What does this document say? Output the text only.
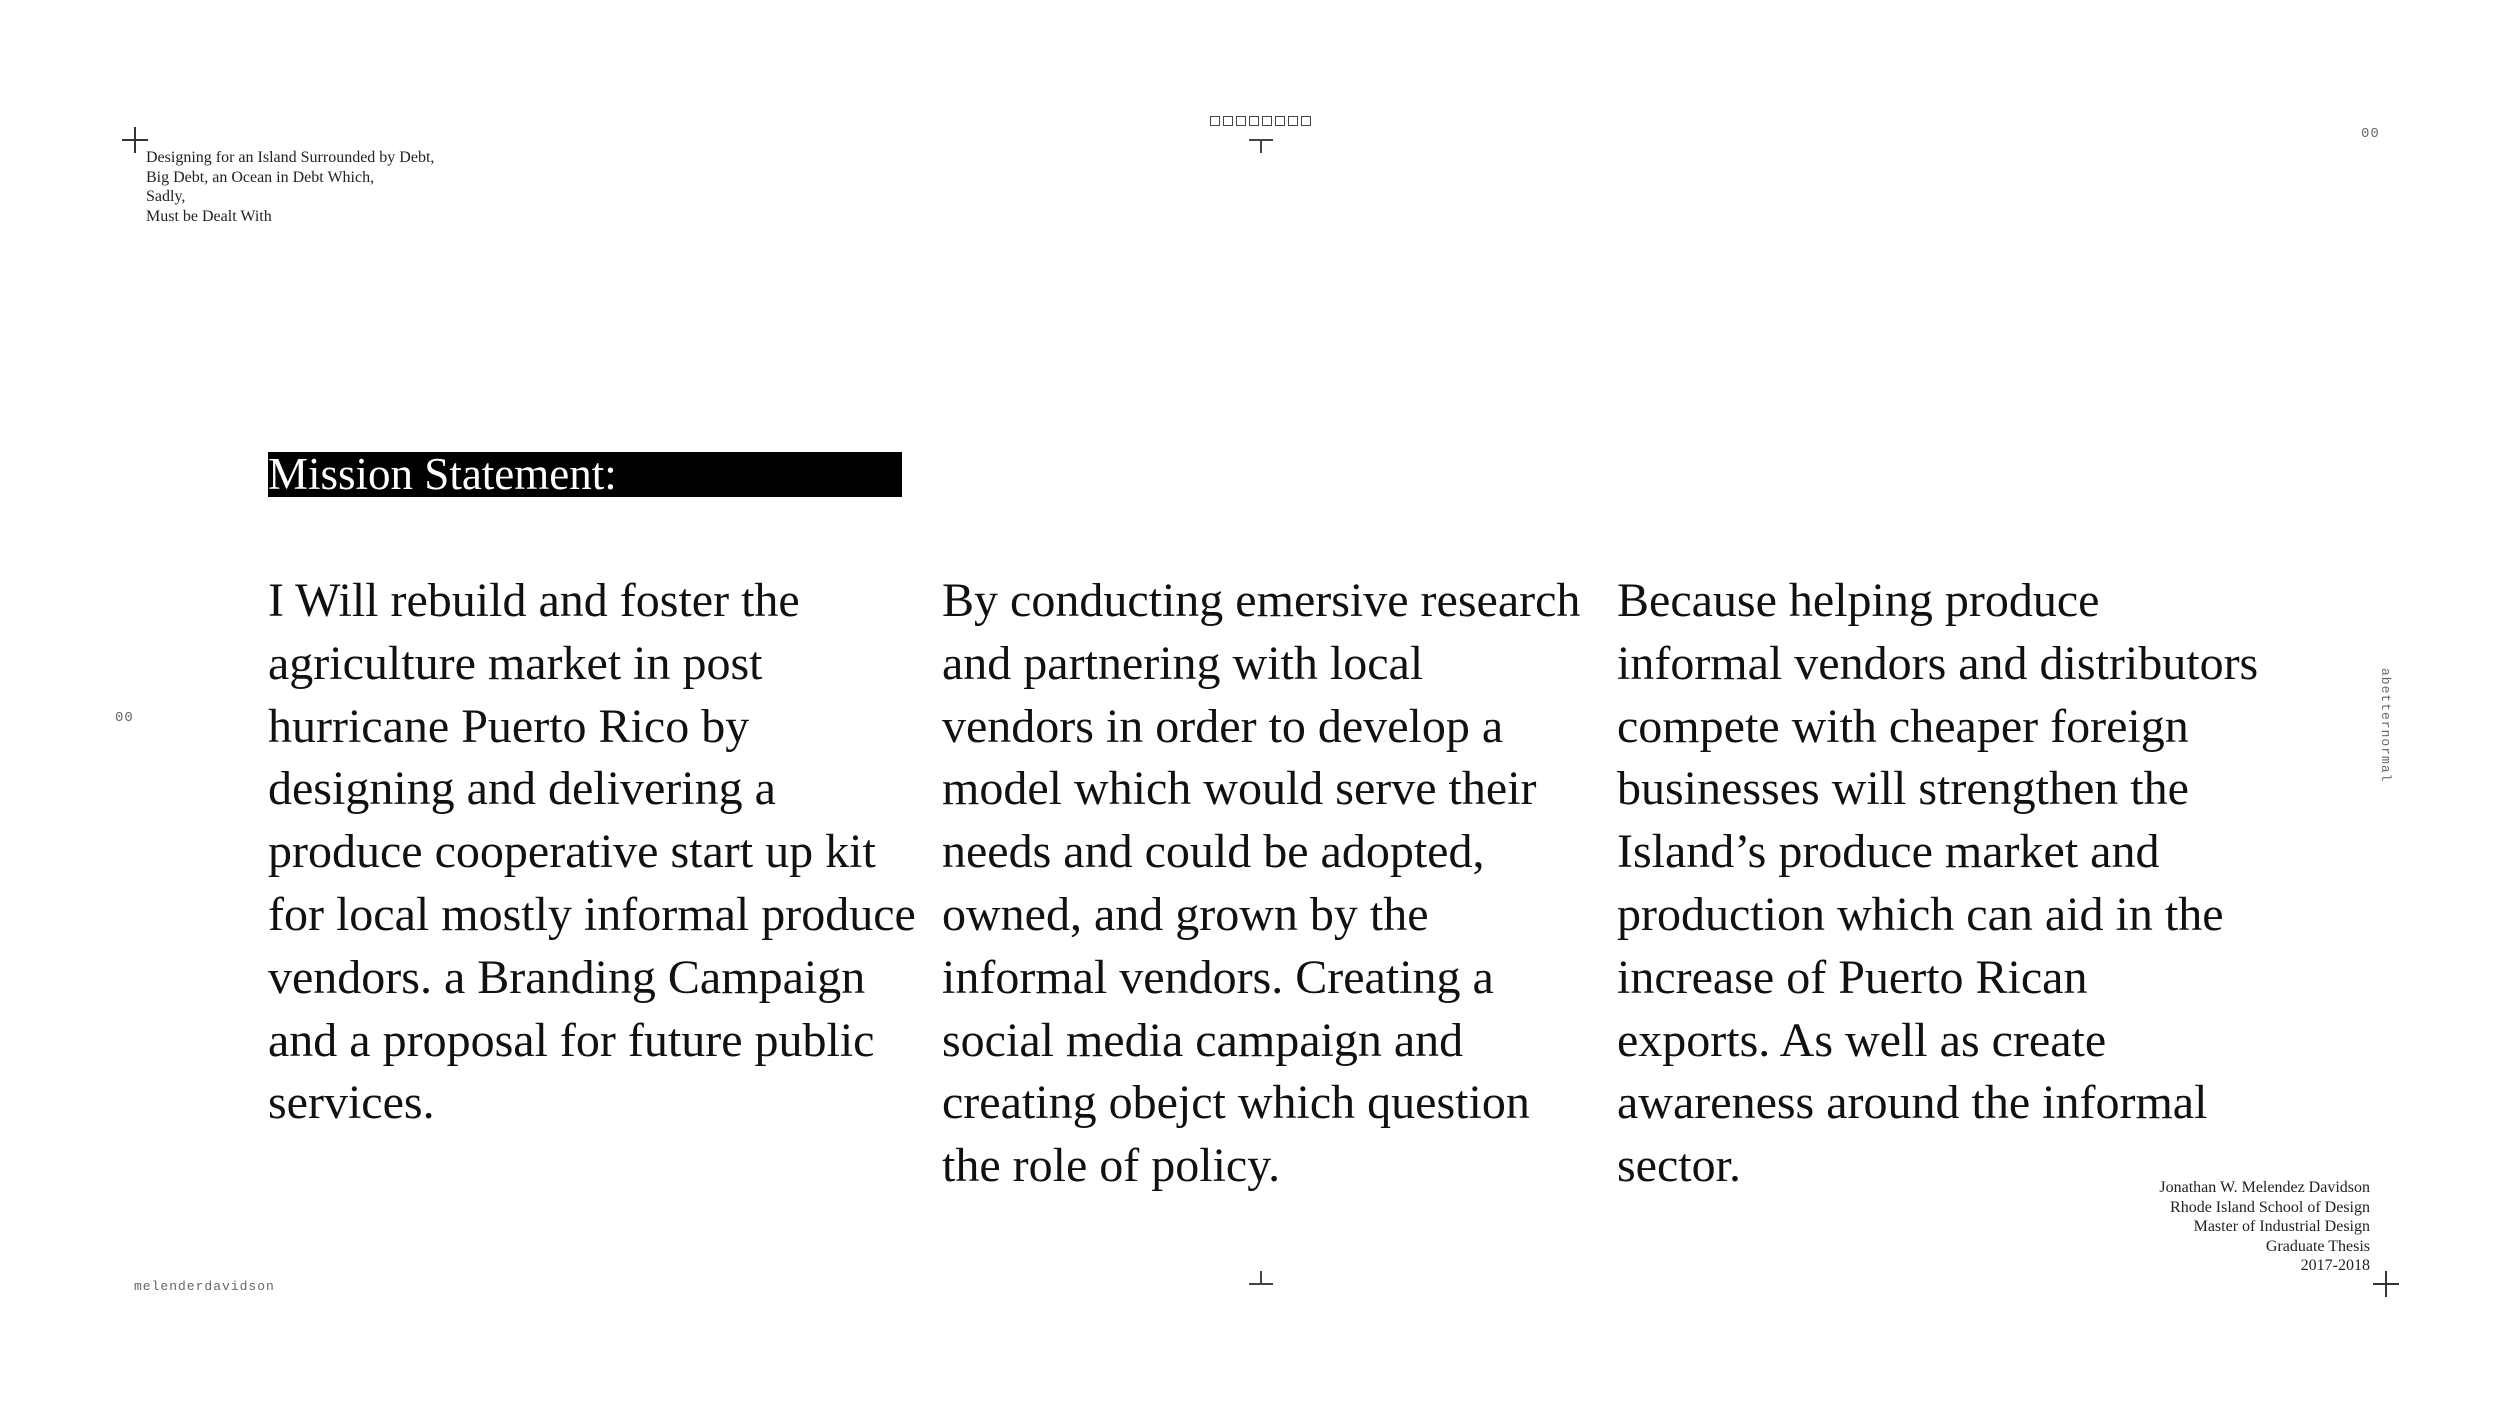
Designing for an Island Surrounded by Debt,
Big Debt, an Ocean in Debt Which,
Sadly,
Must be Dealt With
00
00
Mission Statement:
I Will rebuild and foster the
agriculture market in post
hurricane Puerto Rico by
designing and delivering a
produce cooperative start up kit
for local mostly informal produce
vendors. a Branding Campaign
and a proposal for future public
services.
By conducting emersive research
and partnering with local
vendors in order to develop a
model which would serve their
needs and could be adopted,
owned, and grown by the
informal vendors. Creating a
social media campaign and
creating obejct which question
the role of policy.
Because helping produce
informal vendors and distributors
compete with cheaper foreign
businesses will strengthen the
Island’s produce market and
production which can aid in the
increase of Puerto Rican
exports. As well as create
awareness around the informal
sector.
abetternormal
Jonathan W. Melendez Davidson
Rhode Island School of Design
Master of Industrial Design
Graduate Thesis
2017-2018
melenderdavidson
